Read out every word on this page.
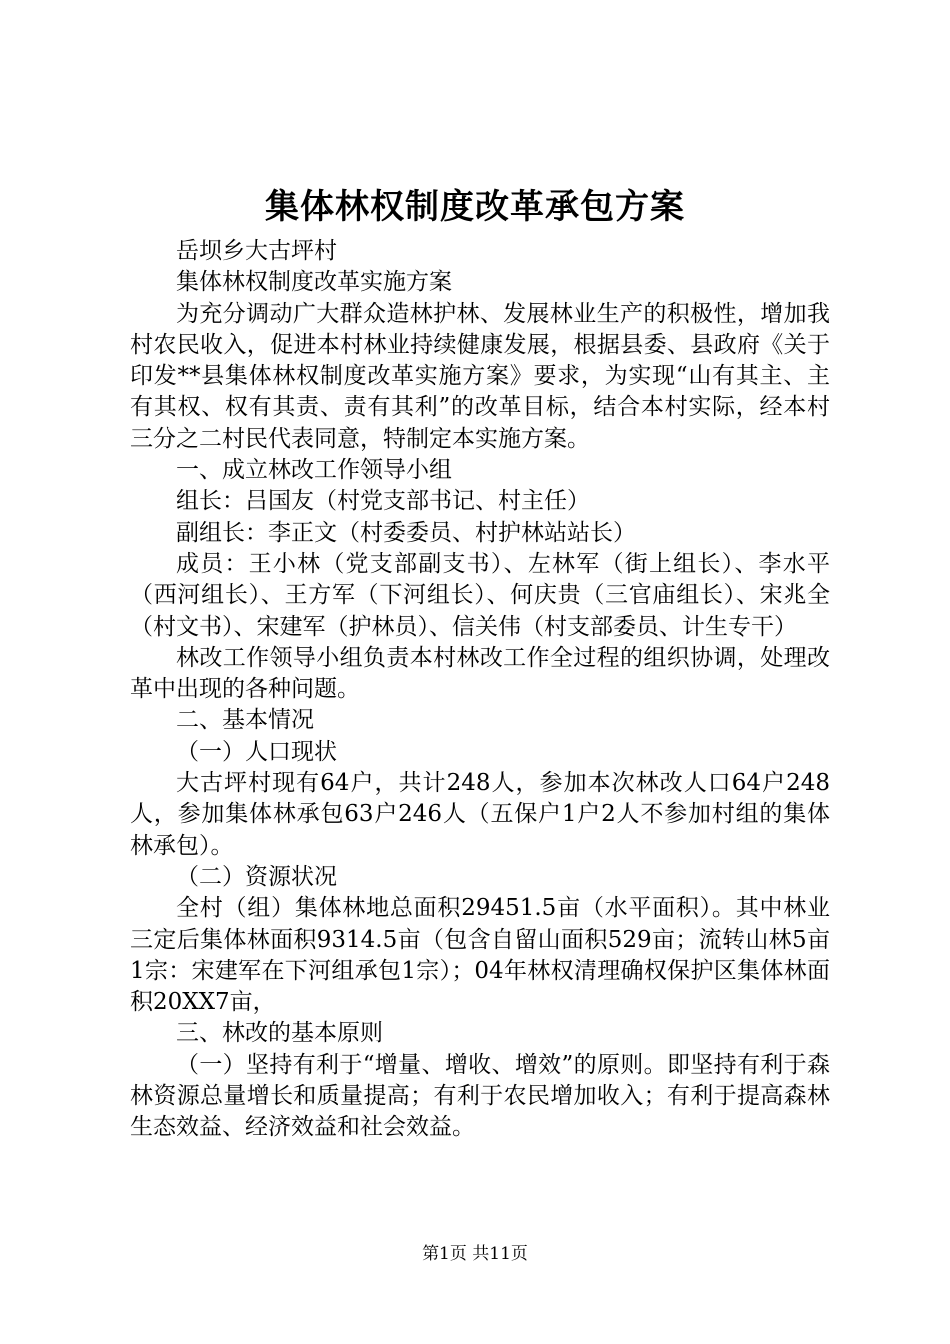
集体林权制度改革承包方案

岳坝乡大古坪村

集体林权制度改革实施方案

为充分调动广大群众造林护林、发展林业生产的积极性，增加我村农民收入，促进本村林业持续健康发展，根据县委、县政府《关于印发**县集体林权制度改革实施方案》要求，为实现“山有其主、主有其权、权有其责、责有其利”的改革目标，结合本村实际，经本村三分之二村民代表同意，特制定本实施方案。

一、成立林改工作领导小组

组长：吕国友（村党支部书记、村主任）

副组长：李正文（村委委员、村护林站站长）

成员：王小林（党支部副支书）、左林军（街上组长）、李水平（西河组长）、王方军（下河组长）、何庆贵（三官庙组长）、宋兆全（村文书）、宋建军（护林员）、信关伟（村支部委员、计生专干）

林改工作领导小组负责本村林改工作全过程的组织协调，处理改革中出现的各种问题。

二、基本情况

（一）人口现状

大古坪村现有64户，共计248人，参加本次林改人口64户248人，参加集体林承包63户246人（五保户1户2人不参加村组的集体林承包）。

（二）资源状况

全村（组）集体林地总面积29451.5亩（水平面积）。其中林业三定后集体林面积9314.5亩（包含自留山面积529亩；流转山林5亩1宗：宋建军在下河组承包1宗）；04年林权清理确权保护区集体林面积20XX7亩，

三、林改的基本原则

（一）坚持有利于“增量、增收、增效”的原则。即坚持有利于森林资源总量增长和质量提高；有利于农民增加收入；有利于提高森林生态效益、经济效益和社会效益。

第1页 共11页
